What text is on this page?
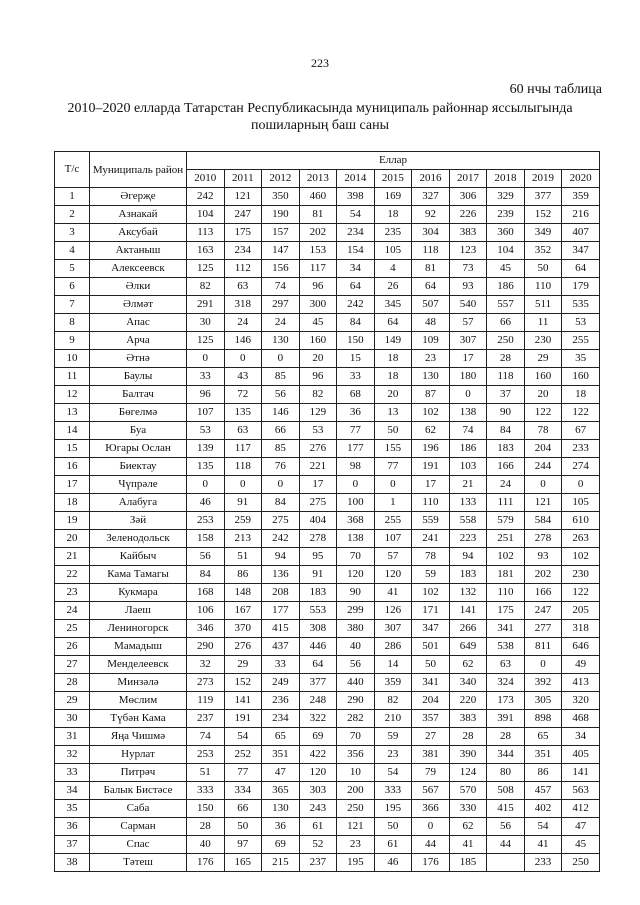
223
60 нчы таблица
2010–2020 елларда Татарстан Республикасында муниципаль районнар яссылыгында
пошиларның баш саны
Т/с	Муниципаль район	Еллар										
		2010	2011	2012	2013	2014	2015	2016	2017	2018	2019	2020
1	Әгерҗе	242	121	350	460	398	169	327	306	329	377	359
2	Азнакай	104	247	190	81	54	18	92	226	239	152	216
3	Аксубай	113	175	157	202	234	235	304	383	360	349	407
4	Актаныш	163	234	147	153	154	105	118	123	104	352	347
5	Алексеевск	125	112	156	117	34	4	81	73	45	50	64
6	Әлки	82	63	74	96	64	26	64	93	186	110	179
7	Әлмәт	291	318	297	300	242	345	507	540	557	511	535
8	Апас	30	24	24	45	84	64	48	57	66	11	53
9	Арча	125	146	130	160	150	149	109	307	250	230	255
10	Әтнә	0	0	0	20	15	18	23	17	28	29	35
11	Баулы	33	43	85	96	33	18	130	180	118	160	160
12	Балтач	96	72	56	82	68	20	87	0	37	20	18
13	Бөгелмә	107	135	146	129	36	13	102	138	90	122	122
14	Буа	53	63	66	53	77	50	62	74	84	78	67
15	Югары Ослан	139	117	85	276	177	155	196	186	183	204	233
16	Биектау	135	118	76	221	98	77	191	103	166	244	274
17	Чүпрәле	0	0	0	17	0	0	17	21	24	0	0
18	Алабуга	46	91	84	275	100	1	110	133	111	121	105
19	Зәй	253	259	275	404	368	255	559	558	579	584	610
20	Зеленодольск	158	213	242	278	138	107	241	223	251	278	263
21	Кайбыч	56	51	94	95	70	57	78	94	102	93	102
22	Кама Тамагы	84	86	136	91	120	120	59	183	181	202	230
23	Кукмара	168	148	208	183	90	41	102	132	110	166	122
24	Лаеш	106	167	177	553	299	126	171	141	175	247	205
25	Лениногорск	346	370	415	308	380	307	347	266	341	277	318
26	Мамадыш	290	276	437	446	40	286	501	649	538	811	646
27	Менделеевск	32	29	33	64	56	14	50	62	63	0	49
28	Минзәлә	273	152	249	377	440	359	341	340	324	392	413
29	Мөслим	119	141	236	248	290	82	204	220	173	305	320
30	Түбән Кама	237	191	234	322	282	210	357	383	391	898	468
31	Яңа Чишмә	74	54	65	69	70	59	27	28	28	65	34
32	Нурлат	253	252	351	422	356	23	381	390	344	351	405
33	Питрәч	51	77	47	120	10	54	79	124	80	86	141
34	Балык Бистәсе	333	334	365	303	200	333	567	570	508	457	563
35	Саба	150	66	130	243	250	195	366	330	415	402	412
36	Сарман	28	50	36	61	121	50	0	62	56	54	47
37	Спас	40	97	69	52	23	61	44	41	44	41	45
38	Тәтеш	176	165	215	237	195	46	176	185		233	250
